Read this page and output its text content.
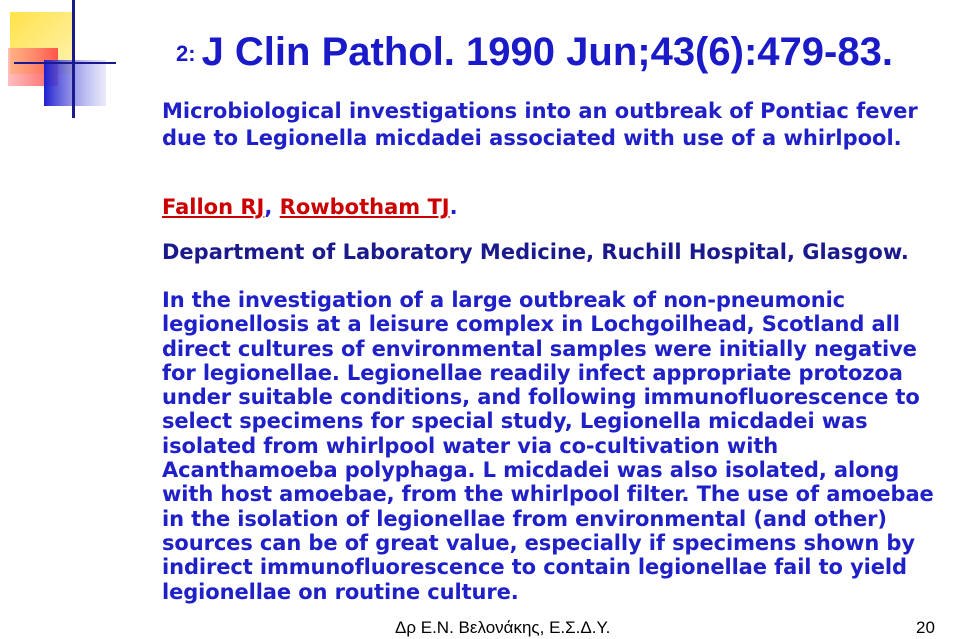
2: J Clin Pathol. 1990 Jun;43(6):479-83.

Microbiological investigations into an outbreak of Pontiac fever due to Legionella micdadei associated with use of a whirlpool.

Fallon RJ, Rowbotham TJ.

Department of Laboratory Medicine, Ruchill Hospital, Glasgow.

In the investigation of a large outbreak of non-pneumonic legionellosis at a leisure complex in Lochgoilhead, Scotland all direct cultures of environmental samples were initially negative for legionellae. Legionellae readily infect appropriate protozoa under suitable conditions, and following immunofluorescence to select specimens for special study, Legionella micdadei was isolated from whirlpool water via co-cultivation with Acanthamoeba polyphaga. L micdadei was also isolated, along with host amoebae, from the whirlpool filter. The use of amoebae in the isolation of legionellae from environmental (and other) sources can be of great value, especially if specimens shown by indirect immunofluorescence to contain legionellae fail to yield legionellae on routine culture.

Δρ Ε.Ν. Βελονάκης, Ε.Σ.Δ.Υ.	20
